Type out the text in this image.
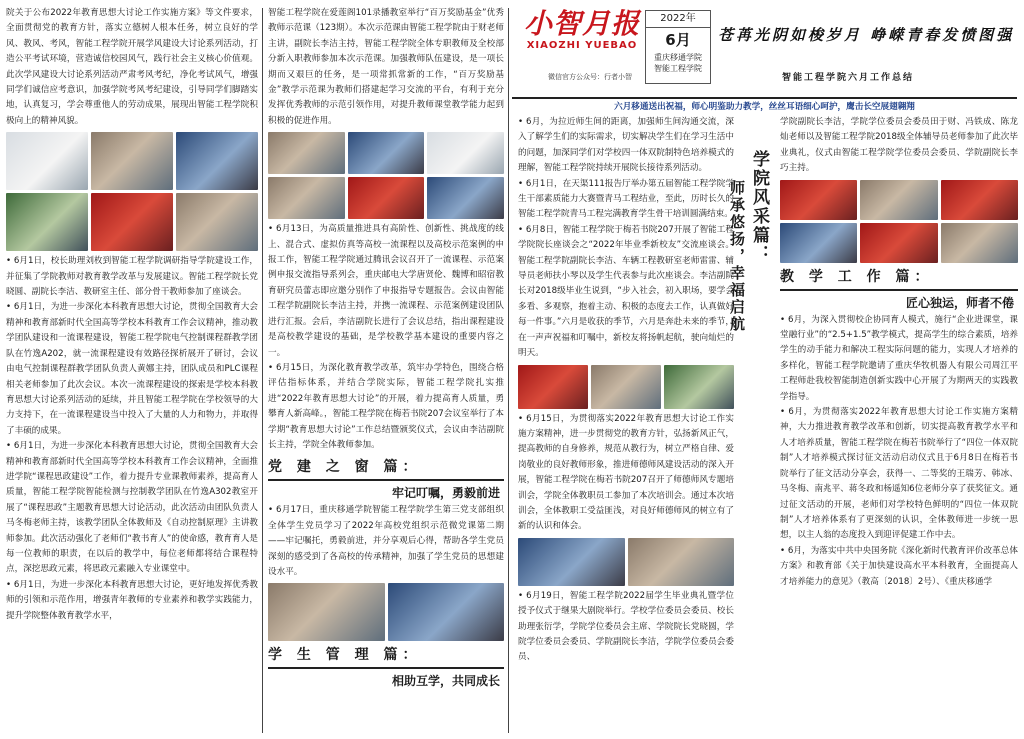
院关于公布2022年教育思想大讨论工作实施方案》等文件要求，全面贯彻党的教育方针，落实立德树人根本任务，树立良好的学风、教风、考风，智能工程学院开展学风建设大讨论系列活动，打造公平考试环境，营造诚信校园风气，践行社会主义核心价值观。此次学风建设大讨论系列活动严肃考风考纪，净化考试风气，增强同学们诚信应考意识，加强学院考风考纪建设，引导同学们脚踏实地，认真复习，学会尊重他人的劳动成果，展现出智能工程学院积极向上的精神风貌。

• 6月1日，校长助理刘枚到智能工程学院调研指导学院建设工作，并征集了学院教师对教育教学改革与发展建议。智能工程学院长党晓圆、副院长李洁、教研室主任、部分骨干教师参加了座谈会。

• 6月1日，为进一步深化本科教育思想大讨论，贯彻全国教育大会精神和教育部新时代全国高等学校本科教育工作会议精神，推动教学团队建设和一流课程建设，智能工程学院电气控制课程群教学团队在竹逸A202，就一流课程建设有效路径探析展开了研讨，会议由电气控制课程群教学团队负责人黄娜主持，团队成员和PLC课程相关老师参加了此次会议。本次一流课程建设的探索是学校本科教育思想大讨论系列活动的延续，并且智能工程学院在学校领导的大力支持下，在一流课程建设当中投入了大量的人力和物力，并取得了丰硕的成果。

• 6月1日，为进一步深化本科教育思想大讨论，贯彻全国教育大会精神和教育部新时代全国高等学校本科教育工作会议精神，全面推进学院“课程思政建设”工作，着力提升专业课教师素养，提高育人质量，智能工程学院智能检测与控制教学团队在竹逸A302教室开展了“课程思政”主题教育思想大讨论活动，此次活动由团队负责人马冬梅老师主持，该教学团队全体教师及《自动控制原理》主讲教师参加。此次活动强化了老师们“教书育人”的使命感，教育育人是每一位教师的职责，在以后的教学中，每位老师都将结合课程特点，深挖思政元素，将思政元素融入专业课堂中。

• 6月1日，为进一步深化本科教育思想大讨论，更好地发挥优秀教师的引领和示范作用，增强青年教师的专业素养和教学实践能力，提升学院整体教育教学水平，

智能工程学院在爱莲阁101录播教室举行“百万奖励基金”优秀教师示范课（123期）。本次示范课由智能工程学院由于财老师主讲，副院长李洁主持，智能工程学院全体专职教师及全校部分新入职教师参加本次示范课。加强教师队伍建设，是一项长期而又艰巨的任务，是一项常抓常新的工作，“百万奖励基金”教学示范课为教师们搭建起学习交流的平台，有利于充分发挥优秀教师的示范引领作用，对提升教师课堂教学能力起到积极的促进作用。

• 6月13日，为高质量推进具有高阶性、创新性、挑战度的线上、混合式、虚拟仿真等高校一流课程以及高校示范案例的申报工作，智能工程学院通过腾讯会议召开了一流课程、示范案例申报交流指导系列会，重庆邮电大学唐贤伦、魏博和昭宿教育研究员蕾志即应邀分别作了申报指导专题报告。会议由智能工程学院副院长李洁主持，并携一流课程、示范案例建设团队进行汇报。会后，李洁副院长进行了会议总结，指出课程建设是高校教学建设的基础，是学校教学基本建设的重要内容之一。

• 6月15日，为深化教育教学改革，筑牢办学特色，围绕合格评估指标体系，并结合学院实际，智能工程学院扎实推进“2022年教育思想大讨论”的开展，着力提高育人质量，勇攀育人新高峰。，智能工程学院在梅若书院207会议室举行了本学期“教育思想大讨论”工作总结暨颁奖仪式，会议由李洁副院长主持，学院全体教师参加。

党 建 之 窗 篇：
牢记叮嘱，勇毅前进

• 6月17日，重庆移通学院智能工程学院学生第三党支部组织全体学生党员学习了2022年高校党组织示范微党课第二期——牢记嘱托，勇毅前进，并分享观后心得，帮助各学生党员深刻的感受到了各高校的传承精神，加强了学生党员的思想建设水平。

学 生 管 理 篇：
相助互学，共同成长
小智月报
XIAOZHI YUEBAO
微信官方公众号：行者小智
2022年
6月
重庆移通学院
智能工程学院
苍苒光阴如梭岁月 峥嵘青春发愤图强
智能工程学院六月工作总结
六月移通送出祝福，师心明鉴助力教学，丝丝耳语细心呵护，鹰击长空展翅翱翔

• 6月，为拉近师生间的距离，加强师生间沟通交流，深入了解学生们的实际需求，切实解决学生们在学习生活中的问题，加深同学们对学校四一体双院制特色培养模式的理解，智能工程学院持续开展院长接待系列活动。

• 6月1日，在天渠111报告厅举办第五届智能工程学院学生干部素质能力大赛暨青马工程结业，至此，历时长久的智能工程学院青马工程完满教育学生骨干培训圆满结束。

• 6月8日，智能工程学院于梅若书院207开展了智能工程学院院长座谈会之“2022年毕业季新校友”交流座谈会。智能工程学院副院长李洁、车辆工程教研室老师雷雷、辅导员老师扶小琴以及学生代表参与此次座谈会。李洁副院长对2018级毕业生说到，“步入社会，初入职场，要学会多看、多观察，抱着主动、积极的态度去工作，认真做好每一件事。”六月是收获的季节，六月是奔赴未来的季节，在一声声祝福和叮嘱中，新校友将扬帆起航，驶向灿烂的明天。

• 6月15日，为贯彻落实2022年教育思想大讨论工作实施方案精神，进一步贯彻党的教育方针，弘扬新风正气，提高教师的自身修养，规范从教行为，树立严格自律、爱岗敬业的良好教师形象，推进师德师风建设活动的深入开展，智能工程学院在梅若书院207召开了师德师风专题培训会，学院全体教职员工参加了本次培训会。通过本次培训会，全体教职工受益匪浅，对良好师德师风的树立有了新的认识和体会。

• 6月19日，智能工程学院2022届学生毕业典礼暨学位授予仪式于继果大剧院举行。学校学位委员会委员、校长助理张衍学，学院学位委员会主席、学院院长党晓圆，学院学位委员会委员、学院副院长李洁，学院学位委员会委员、

学院风采篇：
师承悠扬，幸福启航

学院副院长李洁，学院学位委员会委员田于财、冯铁成、陈龙灿老师以及智能工程学院2018级全体辅导员老师参加了此次毕业典礼，仪式由智能工程学院学位委员会委员、学院副院长李巧主持。

教 学 工 作 篇：
匠心独运，师者不倦

• 6月，为深入贯彻校企协同育人模式，施行“企业进课堂，课堂融行业”的“2.5+1.5”教学模式，提高学生的综合素质，培养学生的动手能力和解决工程实际问题的能力，实现人才培养的多样化，智能工程学院邀请了重庆华牧机器人有限公司周江平工程师赴我校智能制造创新实践中心开展了为期两天的实践教学指导。

• 6月，为贯彻落实2022年教育思想大讨论工作实施方案精神，大力推进教育教学改革和创新，切实提高教育教学水平和人才培养质量，智能工程学院在梅若书院举行了“四位一体双院制”人才培养模式探讨征文活动启动仪式且于6月8日在梅若书院举行了征文活动分享会，获得一、二等奖的王瑞芳、韩冰、马冬梅、南兆平、蒋冬政和杨遥知6位老师分享了获奖征文。通过征文活动的开展，老师们对学校特色鲜明的“四位一体双院制”人才培养体系有了更深刻的认识，全体教师进一步统一思想，以主人翁的态度投入到迎评促建工作中去。

• 6月，为落实中共中央国务院《深化新时代教育评价改革总体方案》和教育部《关于加快建设高水平本科教育，全面提高人才培养能力的意见》（教高〔2018〕2号）、《重庆移通学
